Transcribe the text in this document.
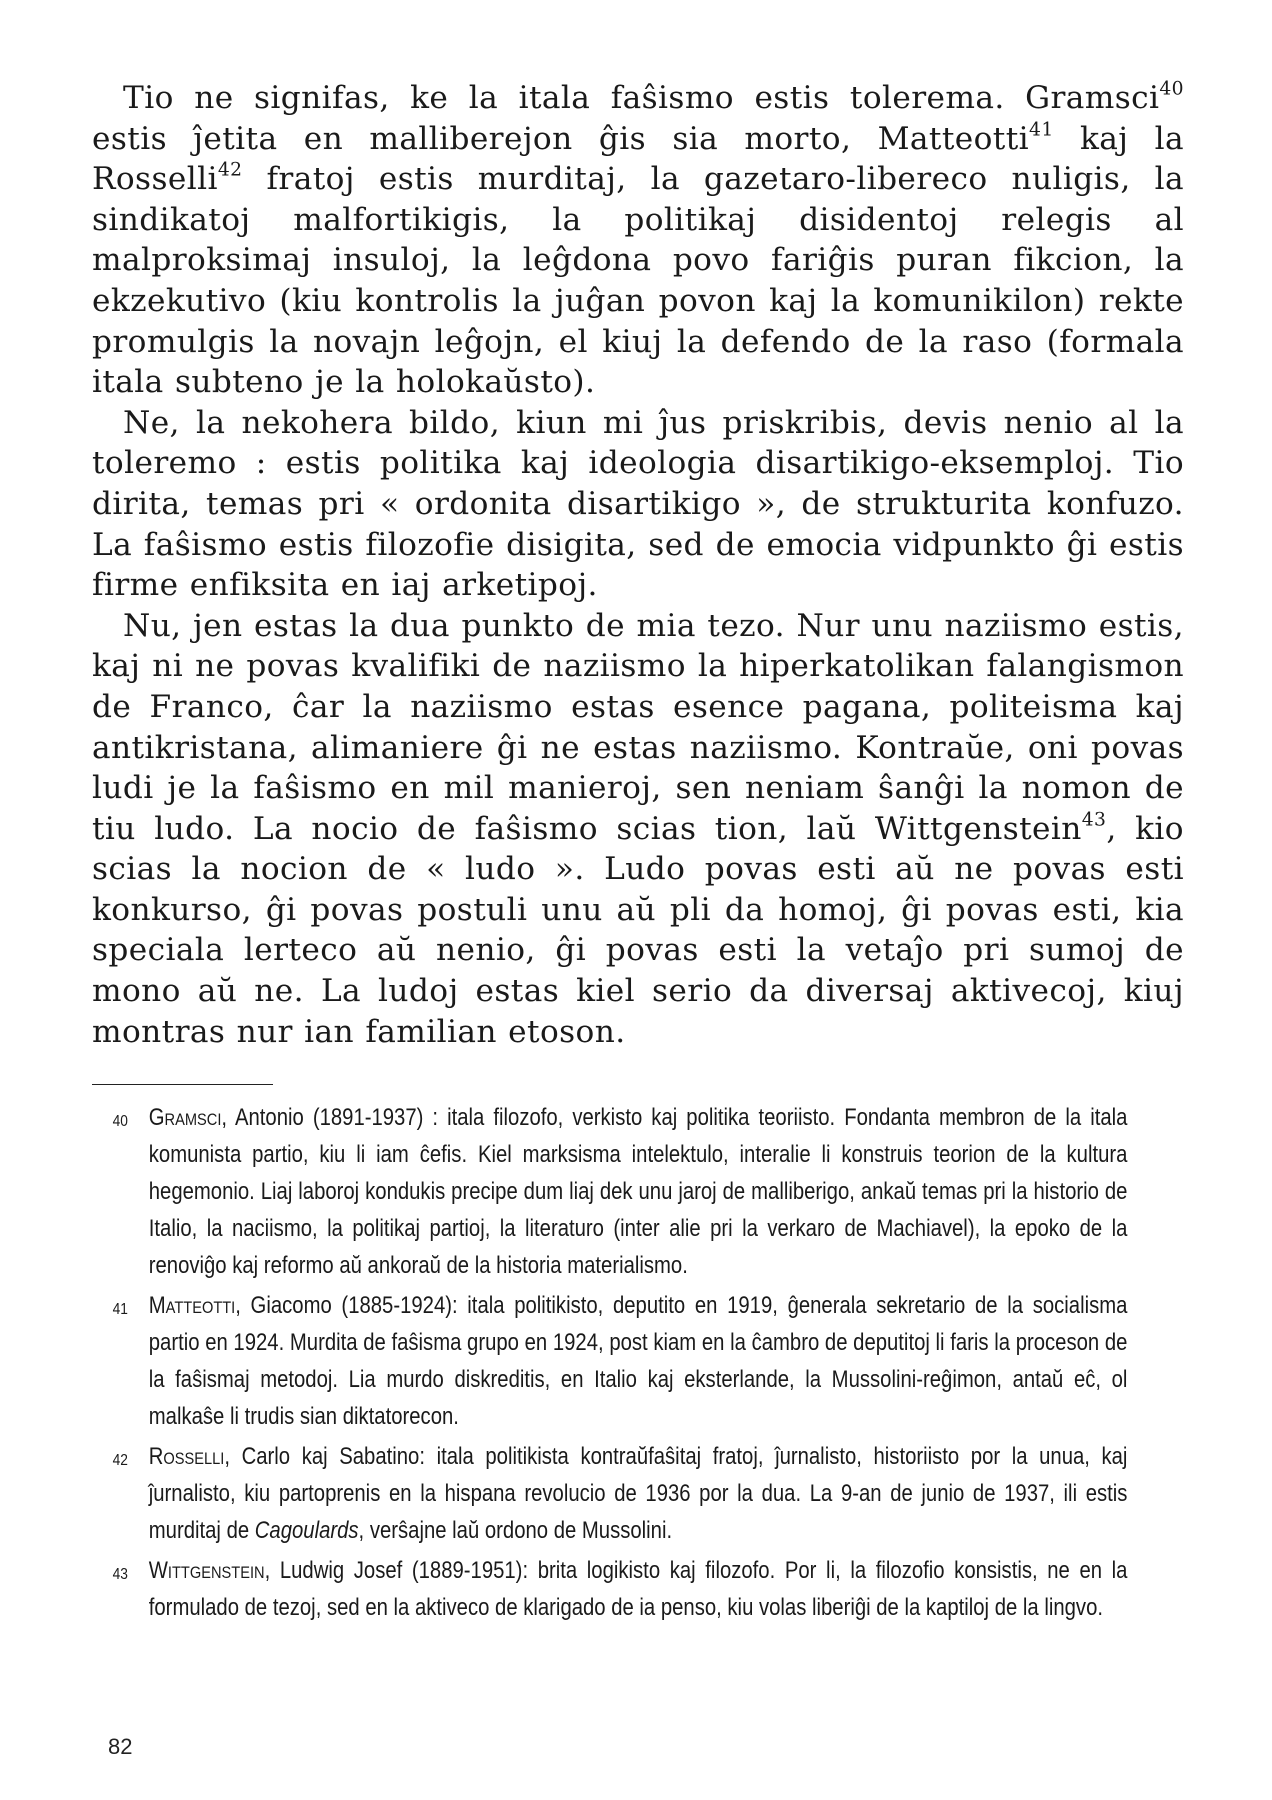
Tio ne signifas, ke la itala faŝismo estis tolerema. Gramsci$^{40}$ estis ĵetita en malliberejon ĝis sia morto, Matteotti$^{41}$ kaj la Rosselli$^{42}$ fratoj estis murditaj, la gazetaro-libereco nuligis, la sindikatoj malfortikigis, la politikaj disidentoj relegis al malproksimaj insuloj, la leĝdona povo fariĝis puran fikcion, la ekzekutivo (kiu kontrolis la juĝan povon kaj la komunikilon) rekte promulgis la novajn leĝojn, el kiuj la defendo de la raso (formala itala subteno je la holokaŭsto).

Ne, la nekohera bildo, kiun mi ĵus priskribis, devis nenio al la toleremo : estis politika kaj ideologia disartikigo-eksemploj. Tio dirita, temas pri « ordonita disartikigo », de strukturita konfuzo. La faŝismo estis filozofie disigita, sed de emocia vidpunkto ĝi estis firme enfiksita en iaj arketipoj.

Nu, jen estas la dua punkto de mia tezo. Nur unu naziismo estis, kaj ni ne povas kvalifiki de naziismo la hiperkatolikan falangismon de Franco, ĉar la naziismo estas esence pagana, politeisma kaj antikristana, alimaniere ĝi ne estas naziismo. Kontraŭe, oni povas ludi je la faŝismo en mil manieroj, sen neniam ŝanĝi la nomon de tiu ludo. La nocio de faŝismo scias tion, laŭ Wittgenstein$^{43}$, kio scias la nocion de « ludo ». Ludo povas esti aŭ ne povas esti konkurso, ĝi povas postuli unu aŭ pli da homoj, ĝi povas esti, kia speciala lerteco aŭ nenio, ĝi povas esti la vetaĵo pri sumoj de mono aŭ ne. La ludoj estas kiel serio da diversaj aktivecoj, kiuj montras nur ian familian etoson.

40 Gramsci, Antonio (1891-1937) : itala filozofo, verkisto kaj politika teoriisto. Fondanta membron de la itala komunista partio, kiu li iam ĉefis. Kiel marksisma intelektulo, interalie li konstruis teorion de la kultura hegemonio. Liaj laboroj kondukis precipe dum liaj dek unu jaroj de malliberigo, ankaŭ temas pri la historio de Italio, la naciismo, la politikaj partioj, la literaturo (inter alie pri la verkaro de Machiavel), la epoko de la renoviĝo kaj reformo aŭ ankoraŭ de la historia materialismo.
41 Matteotti, Giacomo (1885-1924): itala politikisto, deputito en 1919, ĝenerala sekretario de la socialisma partio en 1924. Murdita de faŝisma grupo en 1924, post kiam en la ĉambro de deputitoj li faris la proceson de la faŝismaj metodoj. Lia murdo diskreditis, en Italio kaj eksterlande, la Mussolini-reĝimon, antaŭ eĉ, ol malkaŝe li trudis sian diktatorecon.
42 Rosselli, Carlo kaj Sabatino: itala politikista kontraŭfaŝitaj fratoj, ĵurnalisto, historiisto por la unua, kaj ĵurnalisto, kiu partoprenis en la hispana revolucio de 1936 por la dua. La 9-an de junio de 1937, ili estis murditaj de Cagoulards, verŝajne laŭ ordono de Mussolini.
43 Wittgenstein, Ludwig Josef (1889-1951): brita logikisto kaj filozofo. Por li, la filozofio konsistis, ne en la formulado de tezoj, sed en la aktiveco de klarigado de ia penso, kiu volas liberiĝi de la kaptiloj de la lingvo.
82
